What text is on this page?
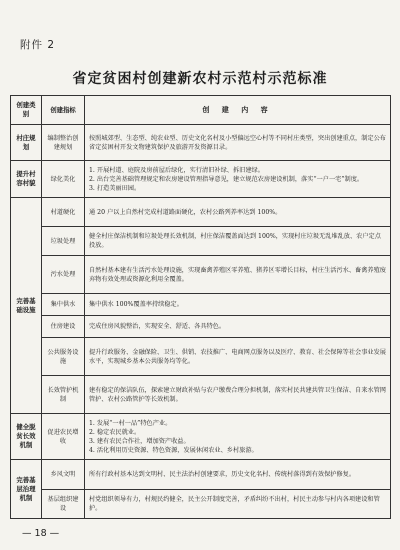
附件 2
省定贫困村创建新农村示范村示范标准
创建类别	创建指标	创 建 内 容
村庄规划	编制整治创建规划	按照城郊型、生态型、纯农业型、历史文化名村及小型偏远空心村等不同村庄类型，突出创建重点，制定公布省定贫困村开发文物建筑保护及旅游开发资源目录。

提升村容村貌	绿化美化	1. 开展村道、庭院及房前屋后绿化，实行清旧补绿、拆旧建绿。
2. 出台完善基础管理规定和农房建设管理指导意见，建立规范农房建设机制，落实“一户一宅”制度。
3. 打造美丽田园。

完善基础设施	村道硬化	通 20 户以上自然村完成村道路面硬化，农村公路列养率达到 100%。

	垃圾处理	健全村庄保洁机制和垃圾处理长效机制，村庄保洁覆盖面达到 100%，实现村庄垃圾无乱堆乱放、农户定点投放。

	污水处理	自然村基本建有生活污水处理设施，实现畜禽养殖区零养殖、猪养区零增长目标，村庄生活污水、畜禽养殖废弃物有效处理或资源化利用全覆盖。

	集中供水	集中供水 100%覆盖率持续稳定。

	住房建设	完成住房风貌整治，实现安全、舒适、各具特色。

	公共服务设施	提升行政服务、金融保险、卫生、供销、农技推广、电商网点服务以及医疗、教育、社会保障等社会事业发展水平，实现城乡基本公共服务均等化。

	长效管护机制	建有稳定的保洁队伍，探索建立财政补贴与农户缴费合理分担机制，落实村民共建共管卫生保洁、自来水管网管护、农村公路管护等长效机制。

健全脱贫长效机制	促进农民增收	1. 发展“一村一品”特色产业。
2. 稳定农民就业。
3. 建有农民合作社，增加资产收益。
4. 活化利用历史资源、特色资源，发展休闲农业、乡村旅游。

完善基层治理机制	乡风文明	所有行政村基本达到文明村、民主法治村创建要求，历史文化名村、传统村落得到有效保护修复。

	基层组织建设	村党组织领导有力，村规民约健全，民主公开制度完善，矛盾纠纷不出村，村民主动参与村内各项建设和管护。
— 18 —
